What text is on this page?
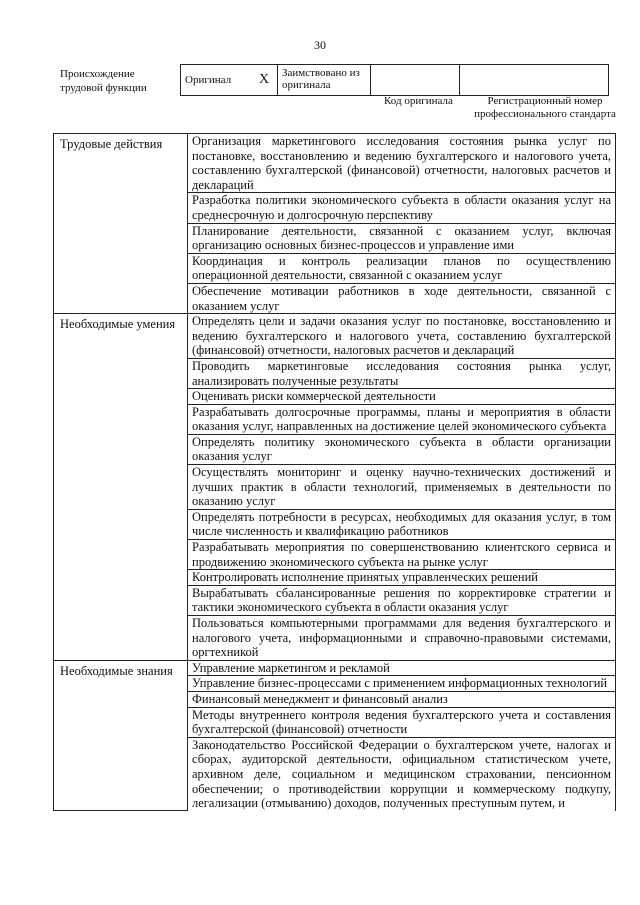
30
Происхождение трудовой функции
Оригинал	X	Заимствовано из оригинала		
Код оригинала	Регистрационный номер профессионального стандарта
Трудовые действия	Организация маркетингового исследования состояния рынка услуг по постановке, восстановлению и ведению бухгалтерского и налогового учета, составлению бухгалтерской (финансовой) отчетности, налоговых расчетов и деклараций
	Разработка политики экономического субъекта в области оказания услуг на среднесрочную и долгосрочную перспективу
	Планирование деятельности, связанной с оказанием услуг, включая организацию основных бизнес-процессов и управление ими
	Координация и контроль реализации планов по осуществлению операционной деятельности, связанной с оказанием услуг
	Обеспечение мотивации работников в ходе деятельности, связанной с оказанием услуг
Необходимые умения	Определять цели и задачи оказания услуг по постановке, восстановлению и ведению бухгалтерского и налогового учета, составлению бухгалтерской (финансовой) отчетности, налоговых расчетов и деклараций
	Проводить маркетинговые исследования состояния рынка услуг, анализировать полученные результаты
	Оценивать риски коммерческой деятельности
	Разрабатывать долгосрочные программы, планы и мероприятия в области оказания услуг, направленных на достижение целей экономического субъекта
	Определять политику экономического субъекта в области организации оказания услуг
	Осуществлять мониторинг и оценку научно-технических достижений и лучших практик в области технологий, применяемых в деятельности по оказанию услуг
	Определять потребности в ресурсах, необходимых для оказания услуг, в том числе численность и квалификацию работников
	Разрабатывать мероприятия по совершенствованию клиентского сервиса и продвижению экономического субъекта на рынке услуг
	Контролировать исполнение принятых управленческих решений
	Вырабатывать сбалансированные решения по корректировке стратегии и тактики экономического субъекта в области оказания услуг
	Пользоваться компьютерными программами для ведения бухгалтерского и налогового учета, информационными и справочно-правовыми системами, оргтехникой
Необходимые знания	Управление маркетингом и рекламой
	Управление бизнес-процессами с применением информационных технологий
	Финансовый менеджмент и финансовый анализ
	Методы внутреннего контроля ведения бухгалтерского учета и составления бухгалтерской (финансовой) отчетности
	Законодательство Российской Федерации о бухгалтерском учете, налогах и сборах, аудиторской деятельности, официальном статистическом учете, архивном деле, социальном и медицинском страховании, пенсионном обеспечении; о противодействии коррупции и коммерческому подкупу, легализации (отмыванию) доходов, полученных преступным путем, и
